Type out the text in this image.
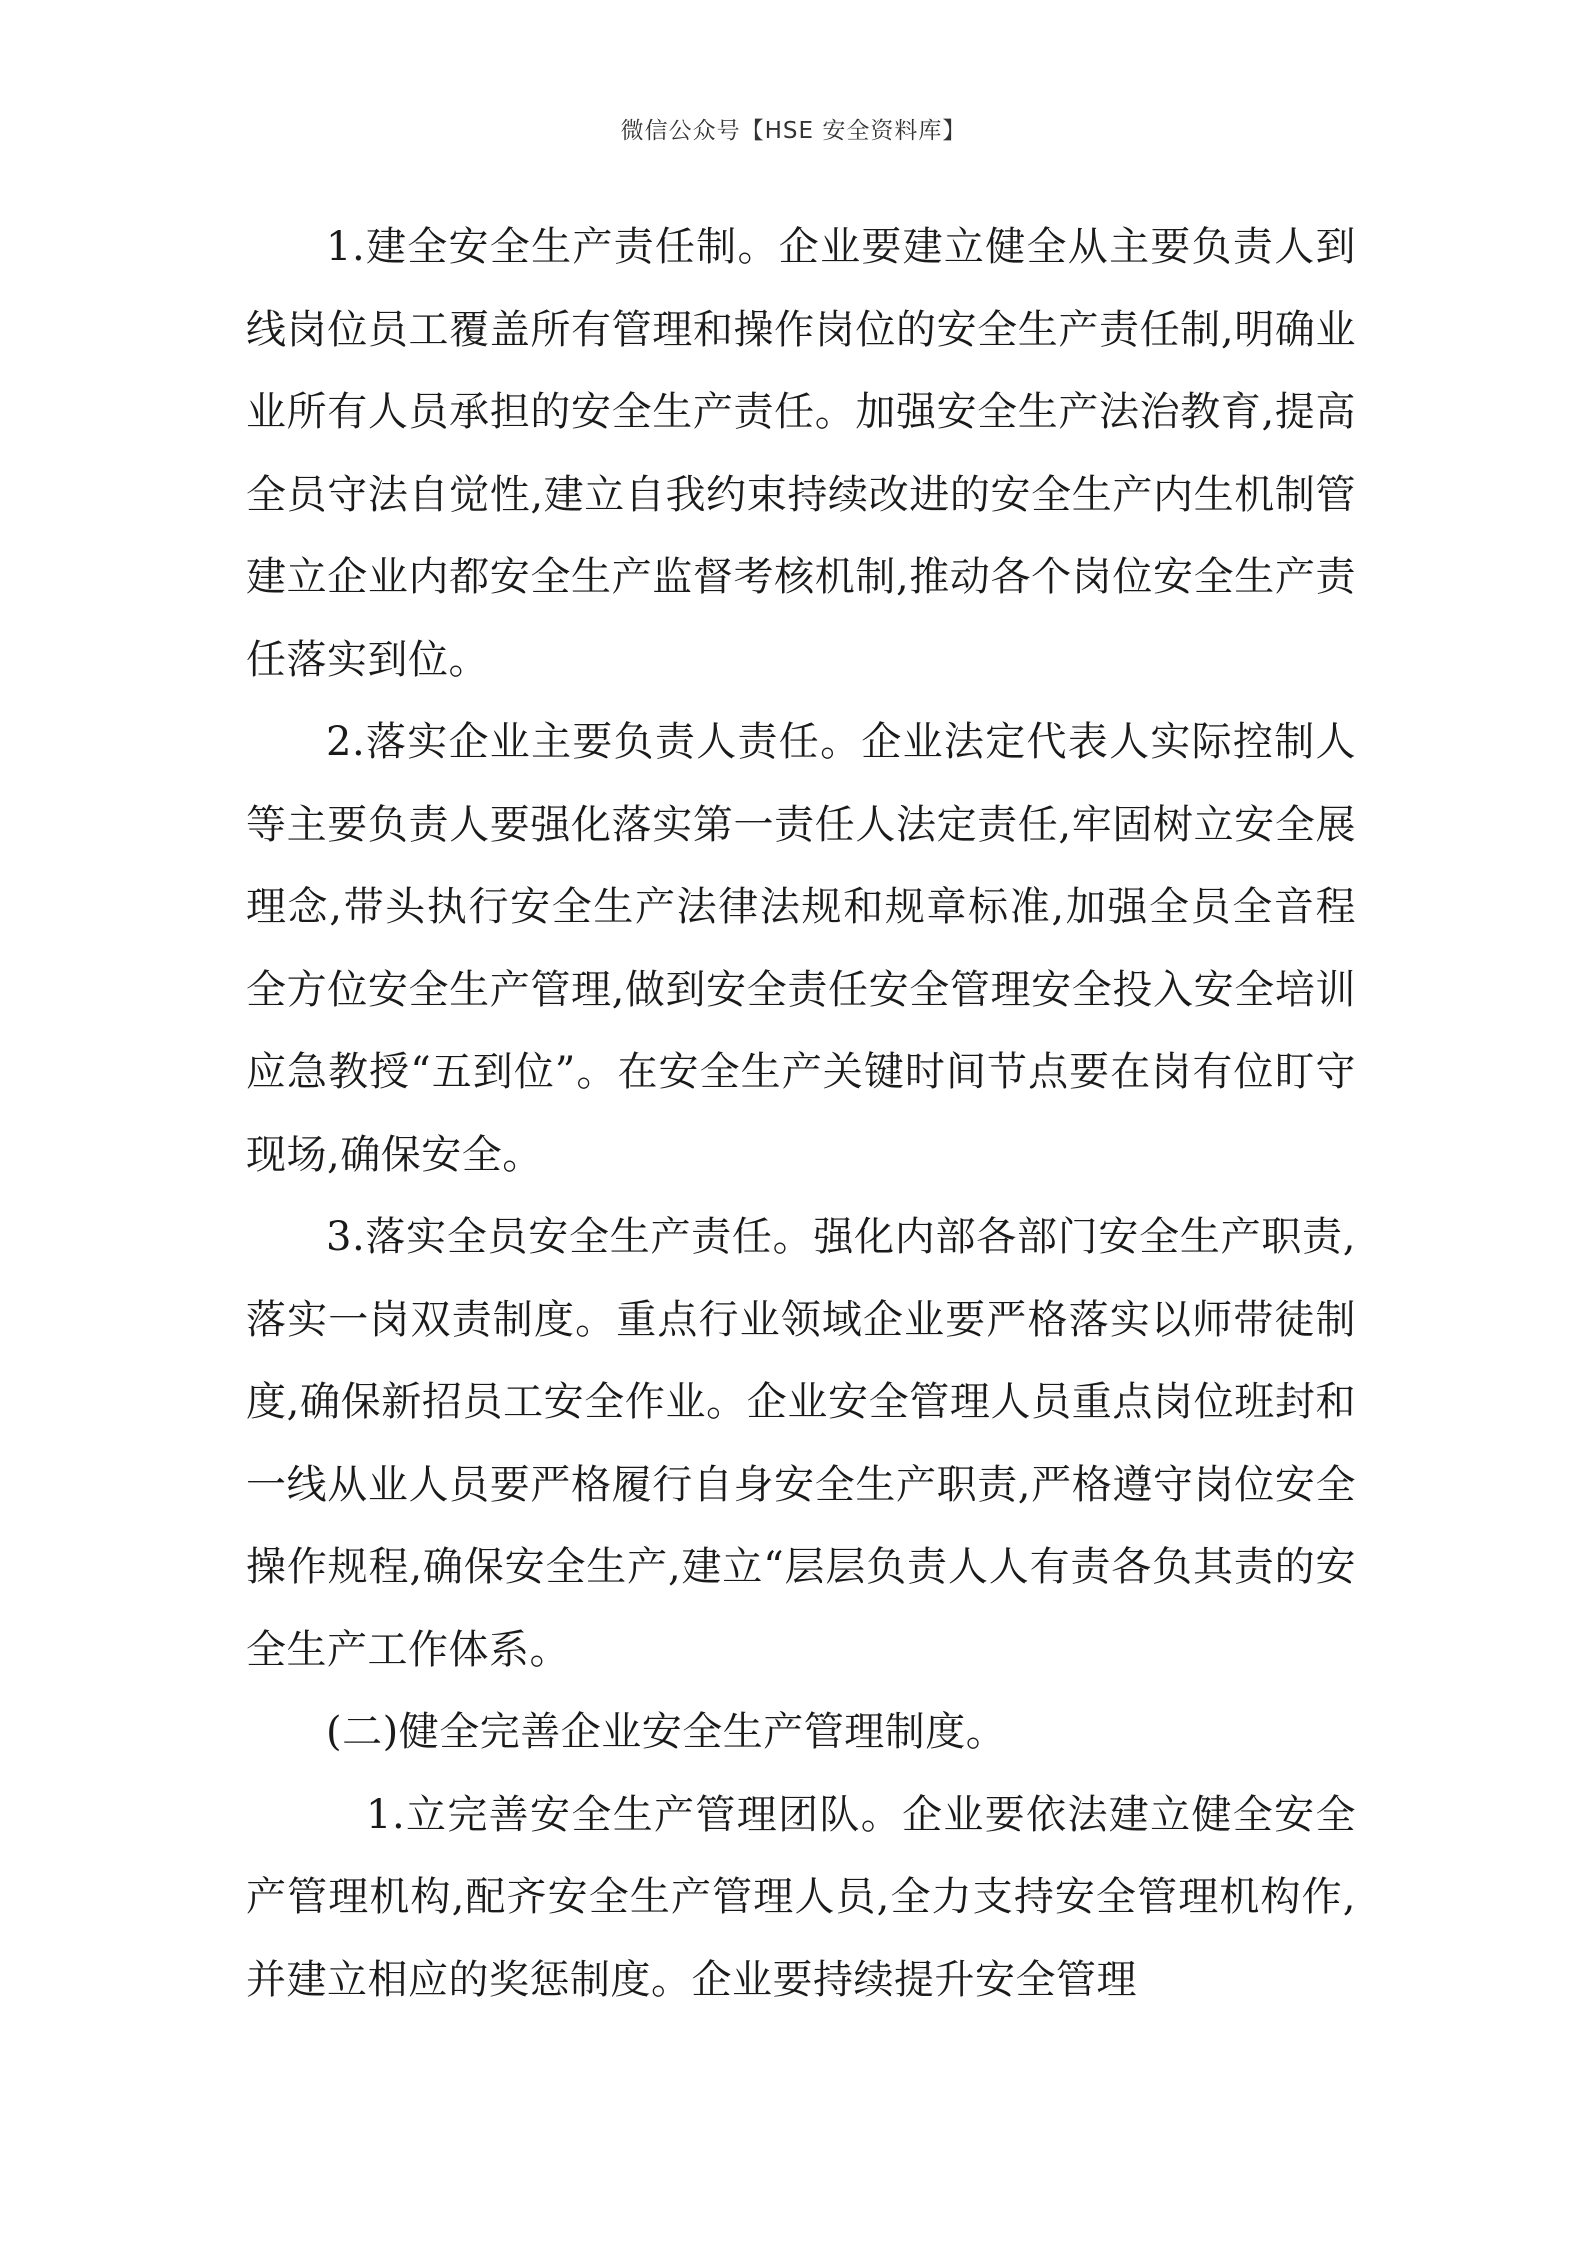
微信公众号【HSE 安全资料库】

1.建全安全生产责任制。企业要建立健全从主要负责人到线岗位员工覆盖所有管理和操作岗位的安全生产责任制,明确业业所有人员承担的安全生产责任。加强安全生产法治教育,提高全员守法自觉性,建立自我约束持续改进的安全生产内生机制管建立企业内都安全生产监督考核机制,推动各个岗位安全生产责任落实到位。

2.落实企业主要负责人责任。企业法定代表人实际控制人等主要负责人要强化落实第一责任人法定责任,牢固树立安全展理念,带头执行安全生产法律法规和规章标准,加强全员全音程全方位安全生产管理,做到安全责任安全管理安全投入安全培训应急教授“五到位”。在安全生产关键时间节点要在岗有位盯守现场,确保安全。

3.落实全员安全生产责任。强化内部各部门安全生产职责,落实一岗双责制度。重点行业领域企业要严格落实以师带徒制度,确保新招员工安全作业。企业安全管理人员重点岗位班封和一线从业人员要严格履行自身安全生产职责,严格遵守岗位安全操作规程,确保安全生产,建立“层层负责人人有责各负其责的安全生产工作体系。

(二)健全完善企业安全生产管理制度。

1.立完善安全生产管理团队。企业要依法建立健全安全产管理机构,配齐安全生产管理人员,全力支持安全管理机构作,并建立相应的奖惩制度。企业要持续提升安全管理
